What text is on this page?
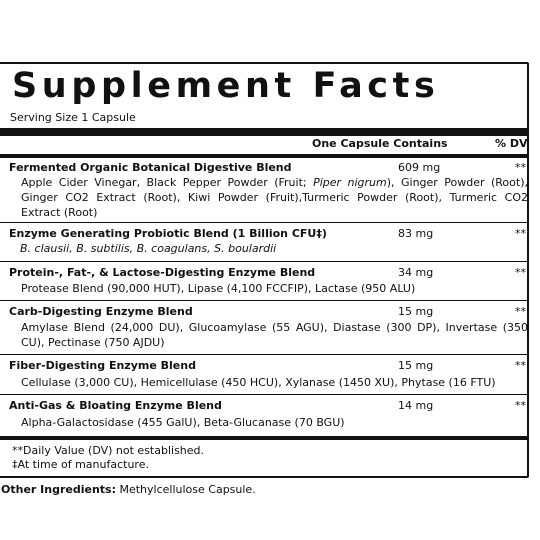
Supplement Facts
Serving Size 1 Capsule
One Capsule Contains	% DV
Fermented Organic Botanical Digestive Blend	609 mg	**
Apple Cider Vinegar, Black Pepper Powder (Fruit; Piper nigrum), Ginger Powder (Root), Ginger CO2 Extract (Root), Kiwi Powder (Fruit),Turmeric Powder (Root), Turmeric CO2 Extract (Root)
Enzyme Generating Probiotic Blend (1 Billion CFU‡)	83 mg	**
B. clausii, B. subtilis, B. coagulans, S. boulardii
Protein-, Fat-, & Lactose-Digesting Enzyme Blend	34 mg	**
Protease Blend (90,000 HUT), Lipase (4,100 FCCFIP), Lactase (950 ALU)
Carb-Digesting Enzyme Blend	15 mg	**
Amylase Blend (24,000 DU), Glucoamylase (55 AGU), Diastase (300 DP), Invertase (350 CU), Pectinase (750 AJDU)
Fiber-Digesting Enzyme Blend	15 mg	**
Cellulase (3,000 CU), Hemicellulase (450 HCU), Xylanase (1450 XU), Phytase (16 FTU)
Anti-Gas & Bloating Enzyme Blend	14 mg	**
Alpha-Galactosidase (455 GalU), Beta-Glucanase (70 BGU)
**Daily Value (DV) not established.
‡At time of manufacture.
Other Ingredients: Methylcellulose Capsule.
